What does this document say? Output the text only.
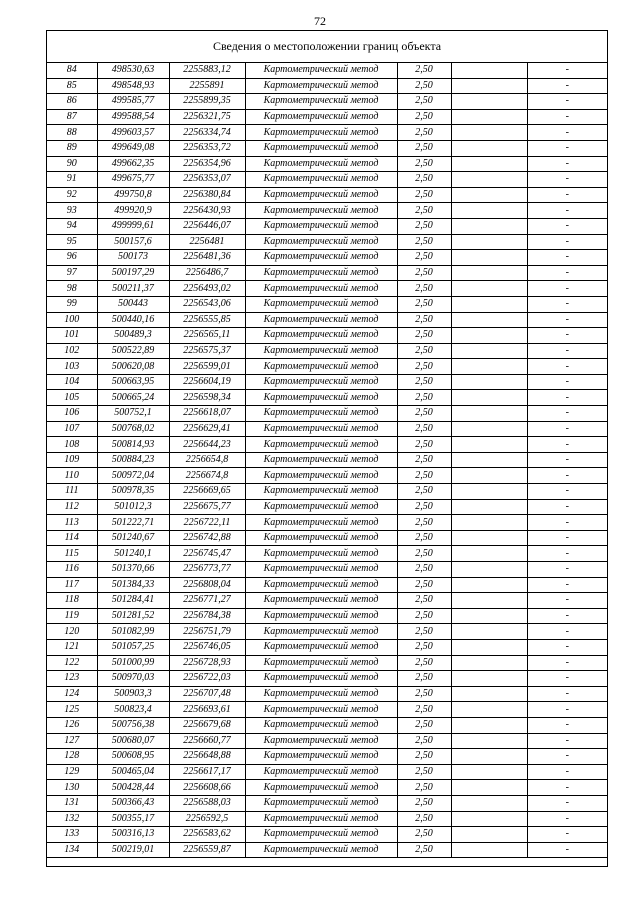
72
Сведения о местоположении границ объекта
84	498530,63	2255883,12	Картометрический метод	2,50		-
85	498548,93	2255891	Картометрический метод	2,50		-
86	499585,77	2255899,35	Картометрический метод	2,50		-
87	499588,54	2256321,75	Картометрический метод	2,50		-
88	499603,57	2256334,74	Картометрический метод	2,50		-
89	499649,08	2256353,72	Картометрический метод	2,50		-
90	499662,35	2256354,96	Картометрический метод	2,50		-
91	499675,77	2256353,07	Картометрический метод	2,50		-
92	499750,8	2256380,84	Картометрический метод	2,50		-
93	499920,9	2256430,93	Картометрический метод	2,50		-
94	499999,61	2256446,07	Картометрический метод	2,50		-
95	500157,6	2256481	Картометрический метод	2,50		-
96	500173	2256481,36	Картометрический метод	2,50		-
97	500197,29	2256486,7	Картометрический метод	2,50		-
98	500211,37	2256493,02	Картометрический метод	2,50		-
99	500443	2256543,06	Картометрический метод	2,50		-
100	500440,16	2256555,85	Картометрический метод	2,50		-
101	500489,3	2256565,11	Картометрический метод	2,50		-
102	500522,89	2256575,37	Картометрический метод	2,50		-
103	500620,08	2256599,01	Картометрический метод	2,50		-
104	500663,95	2256604,19	Картометрический метод	2,50		-
105	500665,24	2256598,34	Картометрический метод	2,50		-
106	500752,1	2256618,07	Картометрический метод	2,50		-
107	500768,02	2256629,41	Картометрический метод	2,50		-
108	500814,93	2256644,23	Картометрический метод	2,50		-
109	500884,23	2256654,8	Картометрический метод	2,50		-
110	500972,04	2256674,8	Картометрический метод	2,50		-
111	500978,35	2256669,65	Картометрический метод	2,50		-
112	501012,3	2256675,77	Картометрический метод	2,50		-
113	501222,71	2256722,11	Картометрический метод	2,50		-
114	501240,67	2256742,88	Картометрический метод	2,50		-
115	501240,1	2256745,47	Картометрический метод	2,50		-
116	501370,66	2256773,77	Картометрический метод	2,50		-
117	501384,33	2256808,04	Картометрический метод	2,50		-
118	501284,41	2256771,27	Картометрический метод	2,50		-
119	501281,52	2256784,38	Картометрический метод	2,50		-
120	501082,99	2256751,79	Картометрический метод	2,50		-
121	501057,25	2256746,05	Картометрический метод	2,50		-
122	501000,99	2256728,93	Картометрический метод	2,50		-
123	500970,03	2256722,03	Картометрический метод	2,50		-
124	500903,3	2256707,48	Картометрический метод	2,50		-
125	500823,4	2256693,61	Картометрический метод	2,50		-
126	500756,38	2256679,68	Картометрический метод	2,50		-
127	500680,07	2256660,77	Картометрический метод	2,50		-
128	500608,95	2256648,88	Картометрический метод	2,50		-
129	500465,04	2256617,17	Картометрический метод	2,50		-
130	500428,44	2256608,66	Картометрический метод	2,50		-
131	500366,43	2256588,03	Картометрический метод	2,50		-
132	500355,17	2256592,5	Картометрический метод	2,50		-
133	500316,13	2256583,62	Картометрический метод	2,50		-
134	500219,01	2256559,87	Картометрический метод	2,50		-
